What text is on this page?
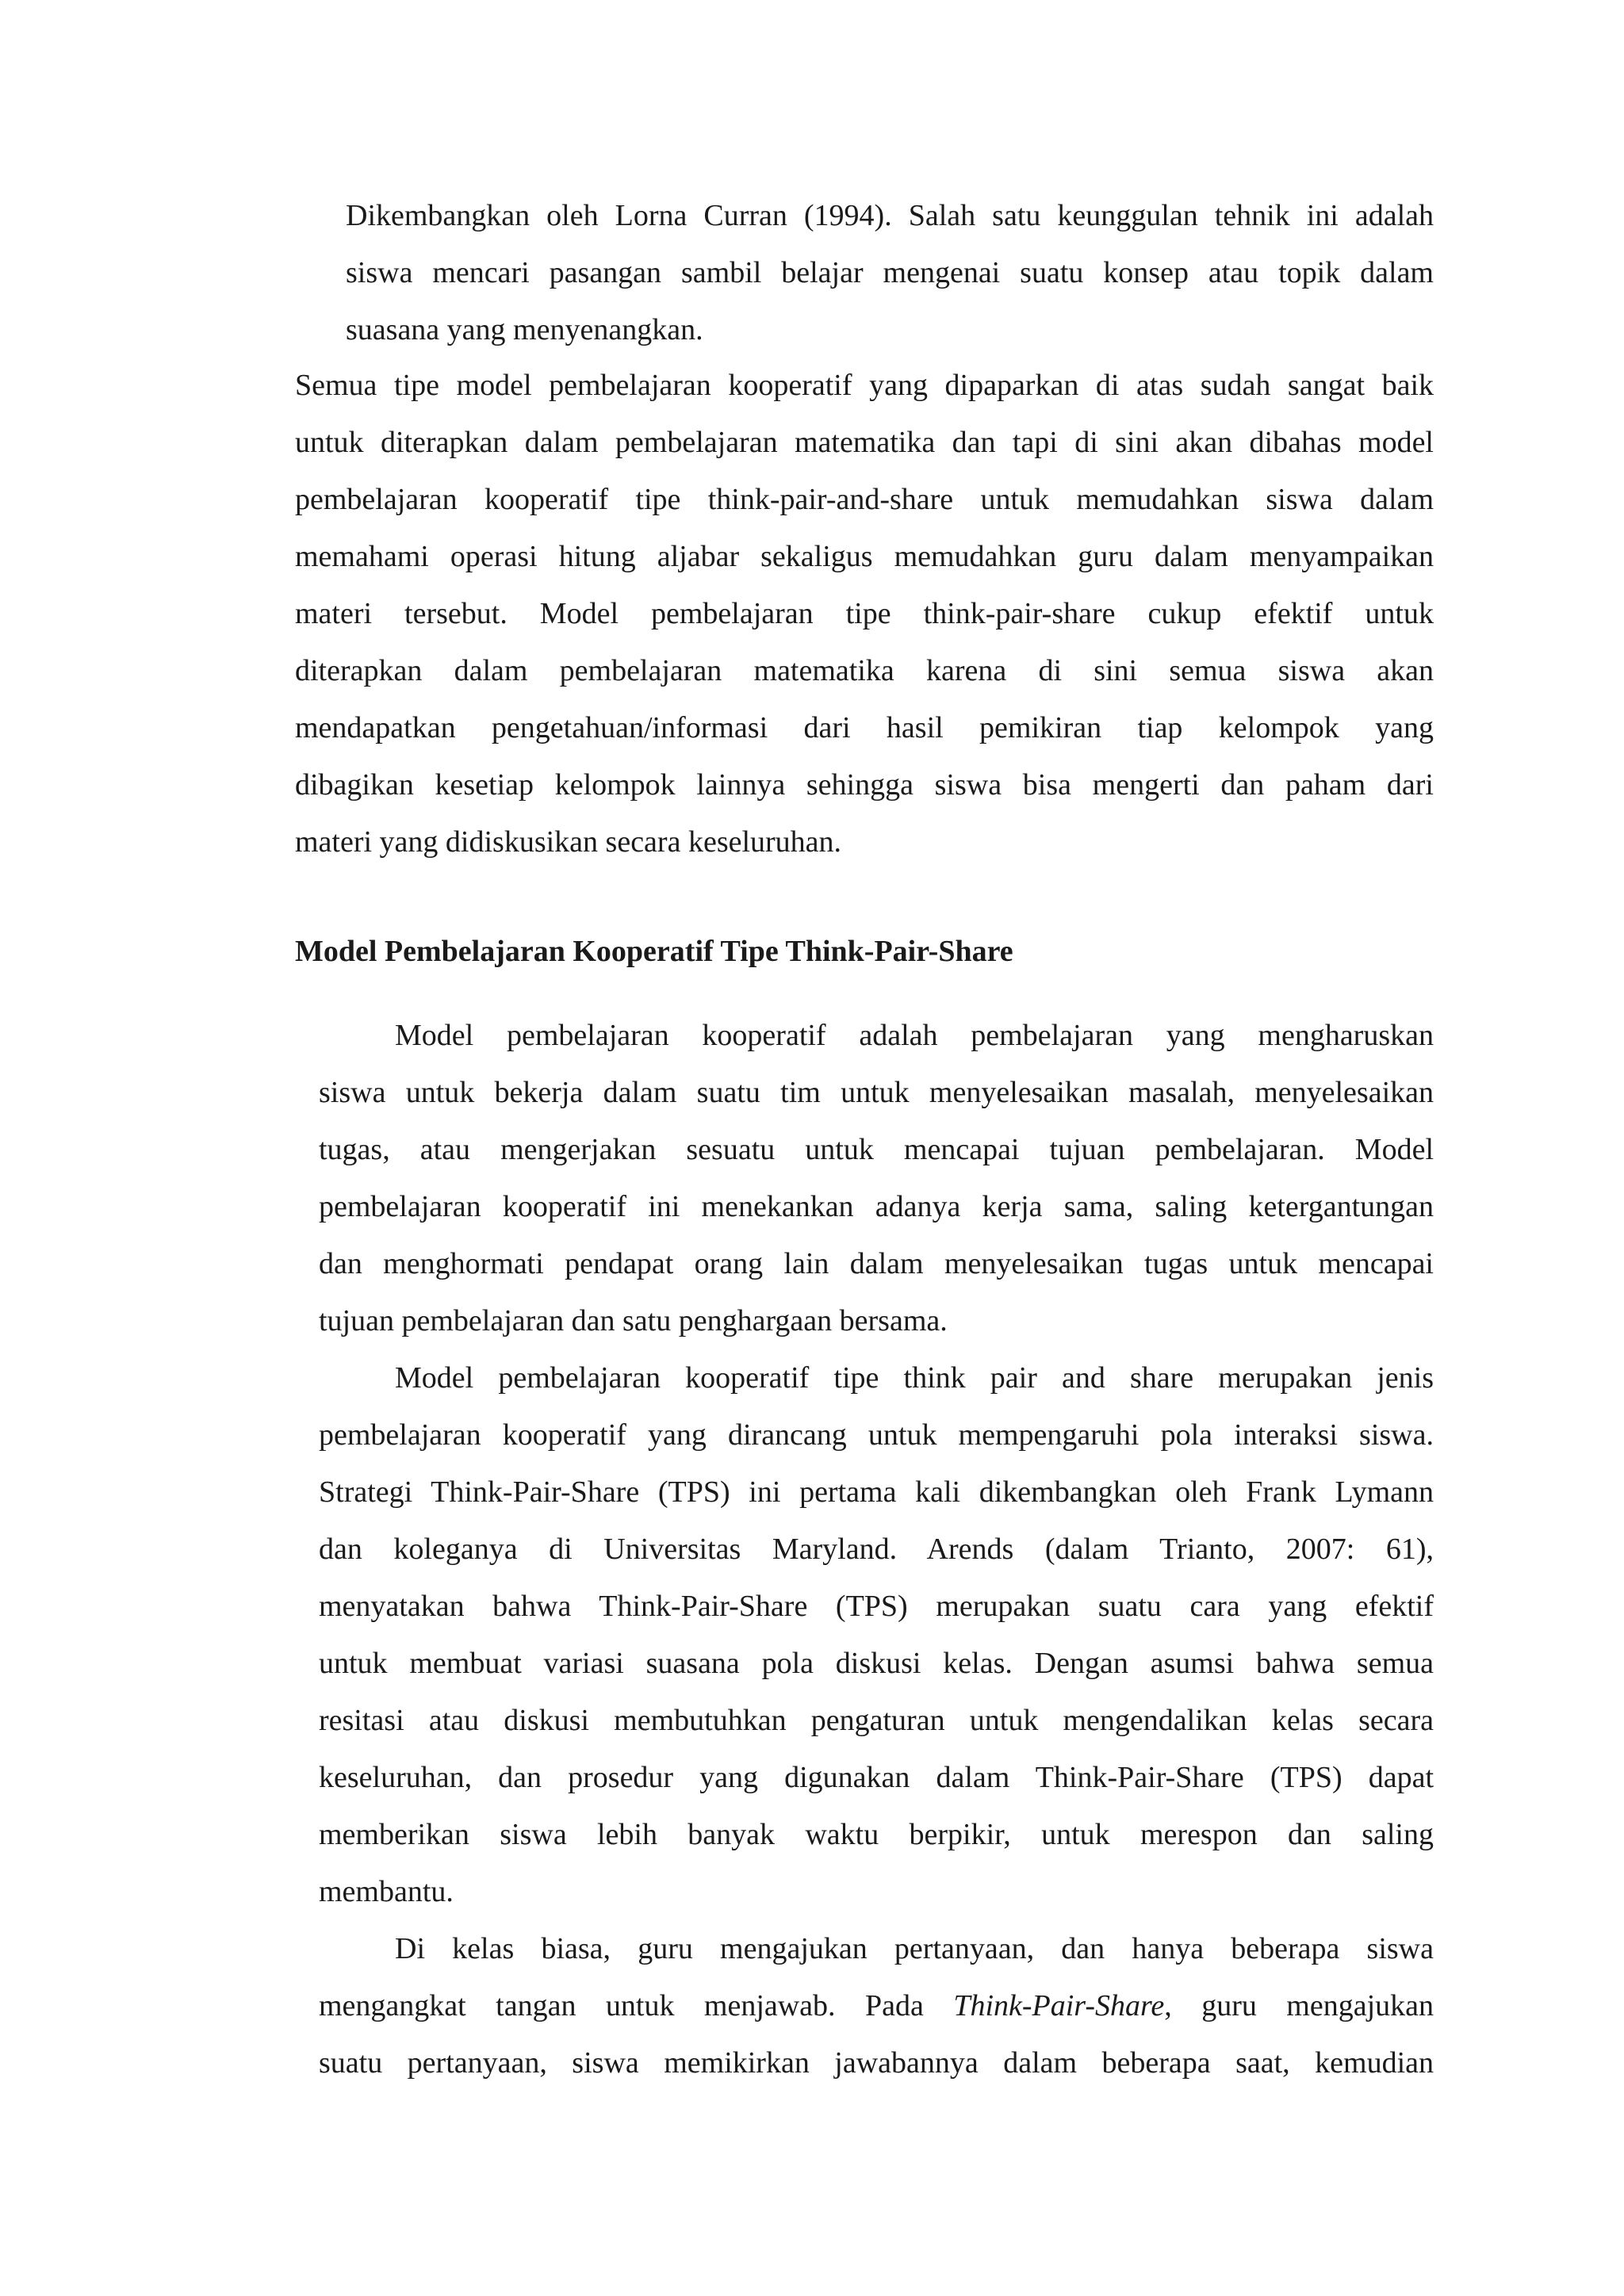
Dikembangkan oleh Lorna Curran (1994). Salah satu keunggulan tehnik ini adalah
siswa mencari pasangan sambil belajar mengenai suatu konsep atau topik dalam
suasana yang menyenangkan.
Semua tipe model pembelajaran kooperatif yang dipaparkan di atas sudah sangat baik
untuk diterapkan dalam pembelajaran matematika dan tapi di sini akan dibahas model
pembelajaran kooperatif tipe think-pair-and-share untuk memudahkan siswa dalam
memahami operasi hitung aljabar sekaligus memudahkan guru dalam menyampaikan
materi tersebut. Model pembelajaran tipe think-pair-share cukup efektif untuk
diterapkan dalam pembelajaran matematika karena di sini semua siswa akan
mendapatkan pengetahuan/informasi dari hasil pemikiran tiap kelompok yang
dibagikan kesetiap kelompok lainnya sehingga siswa bisa mengerti dan paham dari
materi yang didiskusikan secara keseluruhan.
Model Pembelajaran Kooperatif Tipe Think-Pair-Share
Model pembelajaran kooperatif adalah pembelajaran yang mengharuskan
siswa untuk bekerja dalam suatu tim untuk menyelesaikan masalah, menyelesaikan
tugas, atau mengerjakan sesuatu untuk mencapai tujuan pembelajaran. Model
pembelajaran kooperatif ini menekankan adanya kerja sama, saling ketergantungan
dan menghormati pendapat orang lain dalam menyelesaikan tugas untuk mencapai
tujuan pembelajaran dan satu penghargaan bersama.
Model pembelajaran kooperatif tipe think pair and share merupakan jenis
pembelajaran kooperatif yang dirancang untuk mempengaruhi pola interaksi siswa.
Strategi Think-Pair-Share (TPS) ini pertama kali dikembangkan oleh Frank Lymann
dan koleganya di Universitas Maryland. Arends (dalam Trianto, 2007: 61),
menyatakan bahwa Think-Pair-Share (TPS) merupakan suatu cara yang efektif
untuk membuat variasi suasana pola diskusi kelas. Dengan asumsi bahwa semua
resitasi atau diskusi membutuhkan pengaturan untuk mengendalikan kelas secara
keseluruhan, dan prosedur yang digunakan dalam Think-Pair-Share (TPS) dapat
memberikan siswa lebih banyak waktu berpikir, untuk merespon dan saling
membantu.
Di kelas biasa, guru mengajukan pertanyaan, dan hanya beberapa siswa
mengangkat tangan untuk menjawab. Pada Think-Pair-Share, guru mengajukan
suatu pertanyaan, siswa memikirkan jawabannya dalam beberapa saat, kemudian
